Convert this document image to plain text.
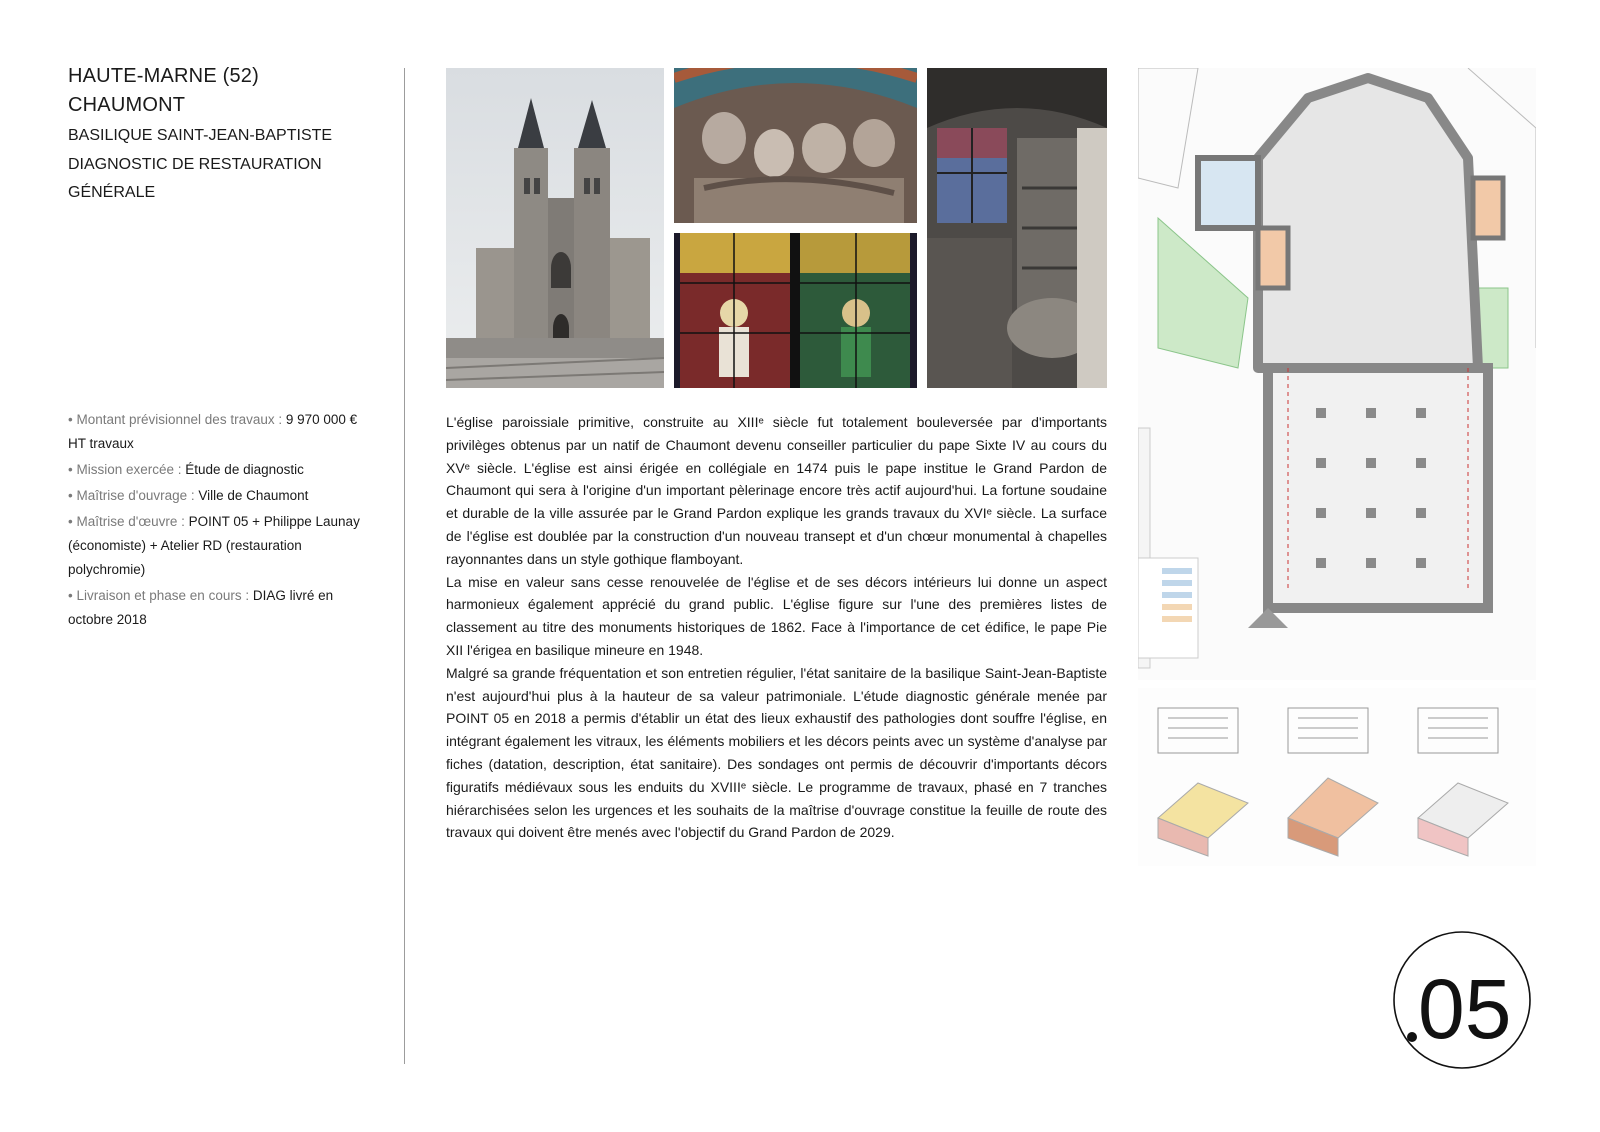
HAUTE-MARNE (52)

CHAUMONT

BASILIQUE SAINT-JEAN-BAPTISTE

DIAGNOSTIC DE RESTAURATION

GÉNÉRALE

• Montant prévisionnel des travaux : 9 970 000 € HT travaux

• Mission exercée : Étude de diagnostic

• Maîtrise d'ouvrage : Ville de Chaumont

• Maîtrise d'œuvre : POINT 05 + Philippe Launay (économiste) + Atelier RD (restauration polychromie)

• Livraison et phase en cours : DIAG livré en octobre 2018

L'église paroissiale primitive, construite au XIIIᵉ siècle fut totalement bouleversée par d'importants privilèges obtenus par un natif de Chaumont devenu conseiller particulier du pape Sixte IV au cours du XVᵉ siècle. L'église est ainsi érigée en collégiale en 1474 puis le pape institue le Grand Pardon de Chaumont qui sera à l'origine d'un important pèlerinage encore très actif aujourd'hui. La fortune soudaine et durable de la ville assurée par le Grand Pardon explique les grands travaux du XVIᵉ siècle. La surface de l'église est doublée par la construction d'un nouveau transept et d'un chœur monumental à chapelles rayonnantes dans un style gothique flamboyant.

La mise en valeur sans cesse renouvelée de l'église et de ses décors intérieurs lui donne un aspect harmonieux également apprécié du grand public. L'église figure sur l'une des premières listes de classement au titre des monuments historiques de 1862. Face à l'importance de cet édifice, le pape Pie XII l'érigea en basilique mineure en 1948.

Malgré sa grande fréquentation et son entretien régulier, l'état sanitaire de la basilique Saint-Jean-Baptiste n'est aujourd'hui plus à la hauteur de sa valeur patrimoniale. L'étude diagnostic générale menée par POINT 05 en 2018 a permis d'établir un état des lieux exhaustif des pathologies dont souffre l'église, en intégrant également les vitraux, les éléments mobiliers et les décors peints avec un système d'analyse par fiches (datation, description, état sanitaire). Des sondages ont permis de découvrir d'importants décors figuratifs médiévaux sous les enduits du XVIIIᵉ siècle. Le programme de travaux, phasé en 7 tranches hiérarchisées selon les urgences et les souhaits de la maîtrise d'ouvrage constitue la feuille de route des travaux qui doivent être menés avec l'objectif du Grand Pardon de 2029.

05
